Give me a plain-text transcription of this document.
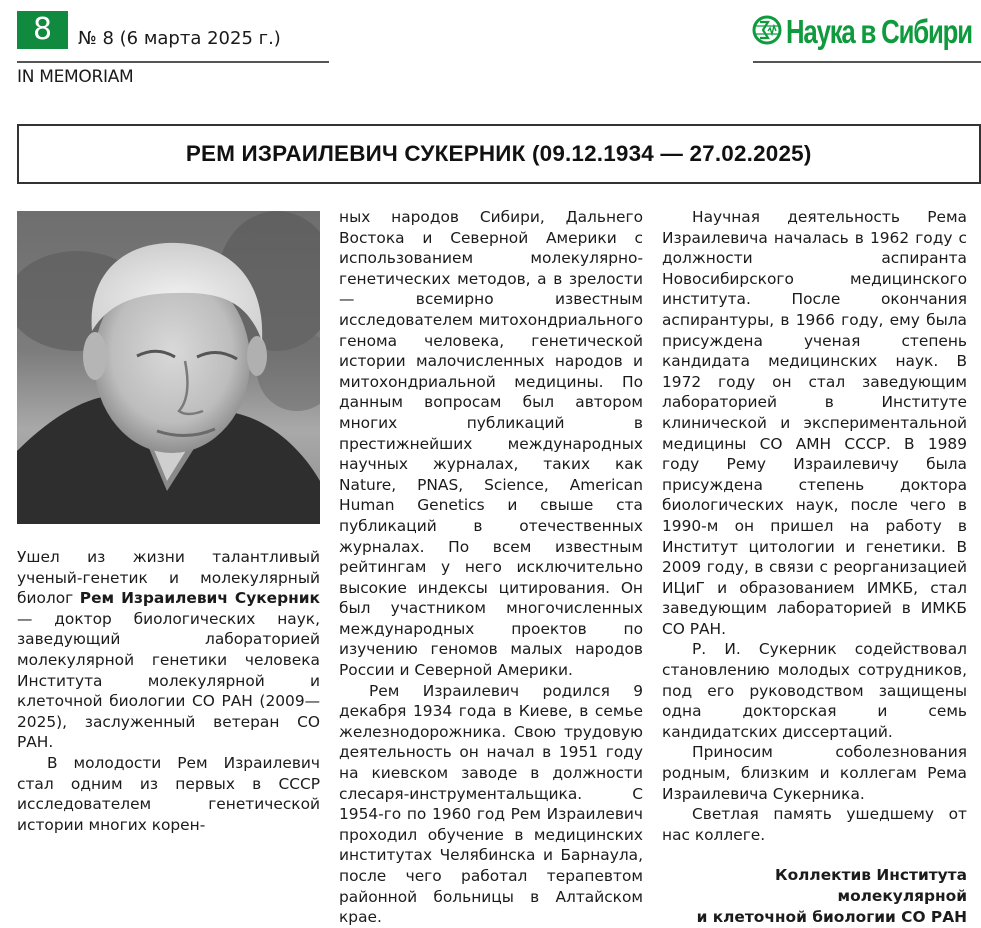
8	№ 8 (6 марта 2025 г.)
IN MEMORIAM
Наука в Сибири
РЕМ ИЗРАИЛЕВИЧ СУКЕРНИК (09.12.1934 — 27.02.2025)

Ушел из жизни талантливый ученый-генетик и молекулярный биолог Рем Израилевич Сукерник — доктор биологических наук, заведующий лабораторией молекулярной генетики человека Института молекулярной и клеточной биологии СО РАН (2009—2025), заслуженный ветеран СО РАН.

В молодости Рем Израилевич стал одним из первых в СССР исследователем генетической истории многих корен-

ных народов Сибири, Дальнего Востока и Северной Америки с использованием молекулярно-генетических методов, а в зрелости — всемирно известным исследователем митохондриального генома человека, генетической истории малочисленных народов и митохондриальной медицины. По данным вопросам был автором многих публикаций в престижнейших международных научных журналах, таких как Nature, PNAS, Science, American Human Genetics и свыше ста публикаций в отечественных журналах. По всем известным рейтингам у него исключительно высокие индексы цитирования. Он был участником многочисленных международных проектов по изучению геномов малых народов России и Северной Америки.

Рем Израилевич родился 9 декабря 1934 года в Киеве, в семье железнодорожника. Свою трудовую деятельность он начал в 1951 году на киевском заводе в должности слесаря-инструментальщика. С 1954-го по 1960 год Рем Израилевич проходил обучение в медицинских институтах Челябинска и Барнаула, после чего работал терапевтом районной больницы в Алтайском крае.

Научная деятельность Рема Израилевича началась в 1962 году с должности аспиранта Новосибирского медицинского института. После окончания аспирантуры, в 1966 году, ему была присуждена ученая степень кандидата медицинских наук. В 1972 году он стал заведующим лабораторией в Институте клинической и экспериментальной медицины СО АМН СССР. В 1989 году Рему Израилевичу была присуждена степень доктора биологических наук, после чего в 1990-м он пришел на работу в Институт цитологии и генетики. В 2009 году, в связи с реорганизацией ИЦиГ и образованием ИМКБ, стал заведующим лабораторией в ИМКБ СО РАН.

Р. И. Сукерник содействовал становлению молодых сотрудников, под его руководством защищены одна докторская и семь кандидатских диссертаций.

Приносим соболезнования родным, близким и коллегам Рема Израилевича Сукерника.

Светлая память ушедшему от нас коллеге.

Коллектив Института молекулярной
и клеточной биологии СО РАН
